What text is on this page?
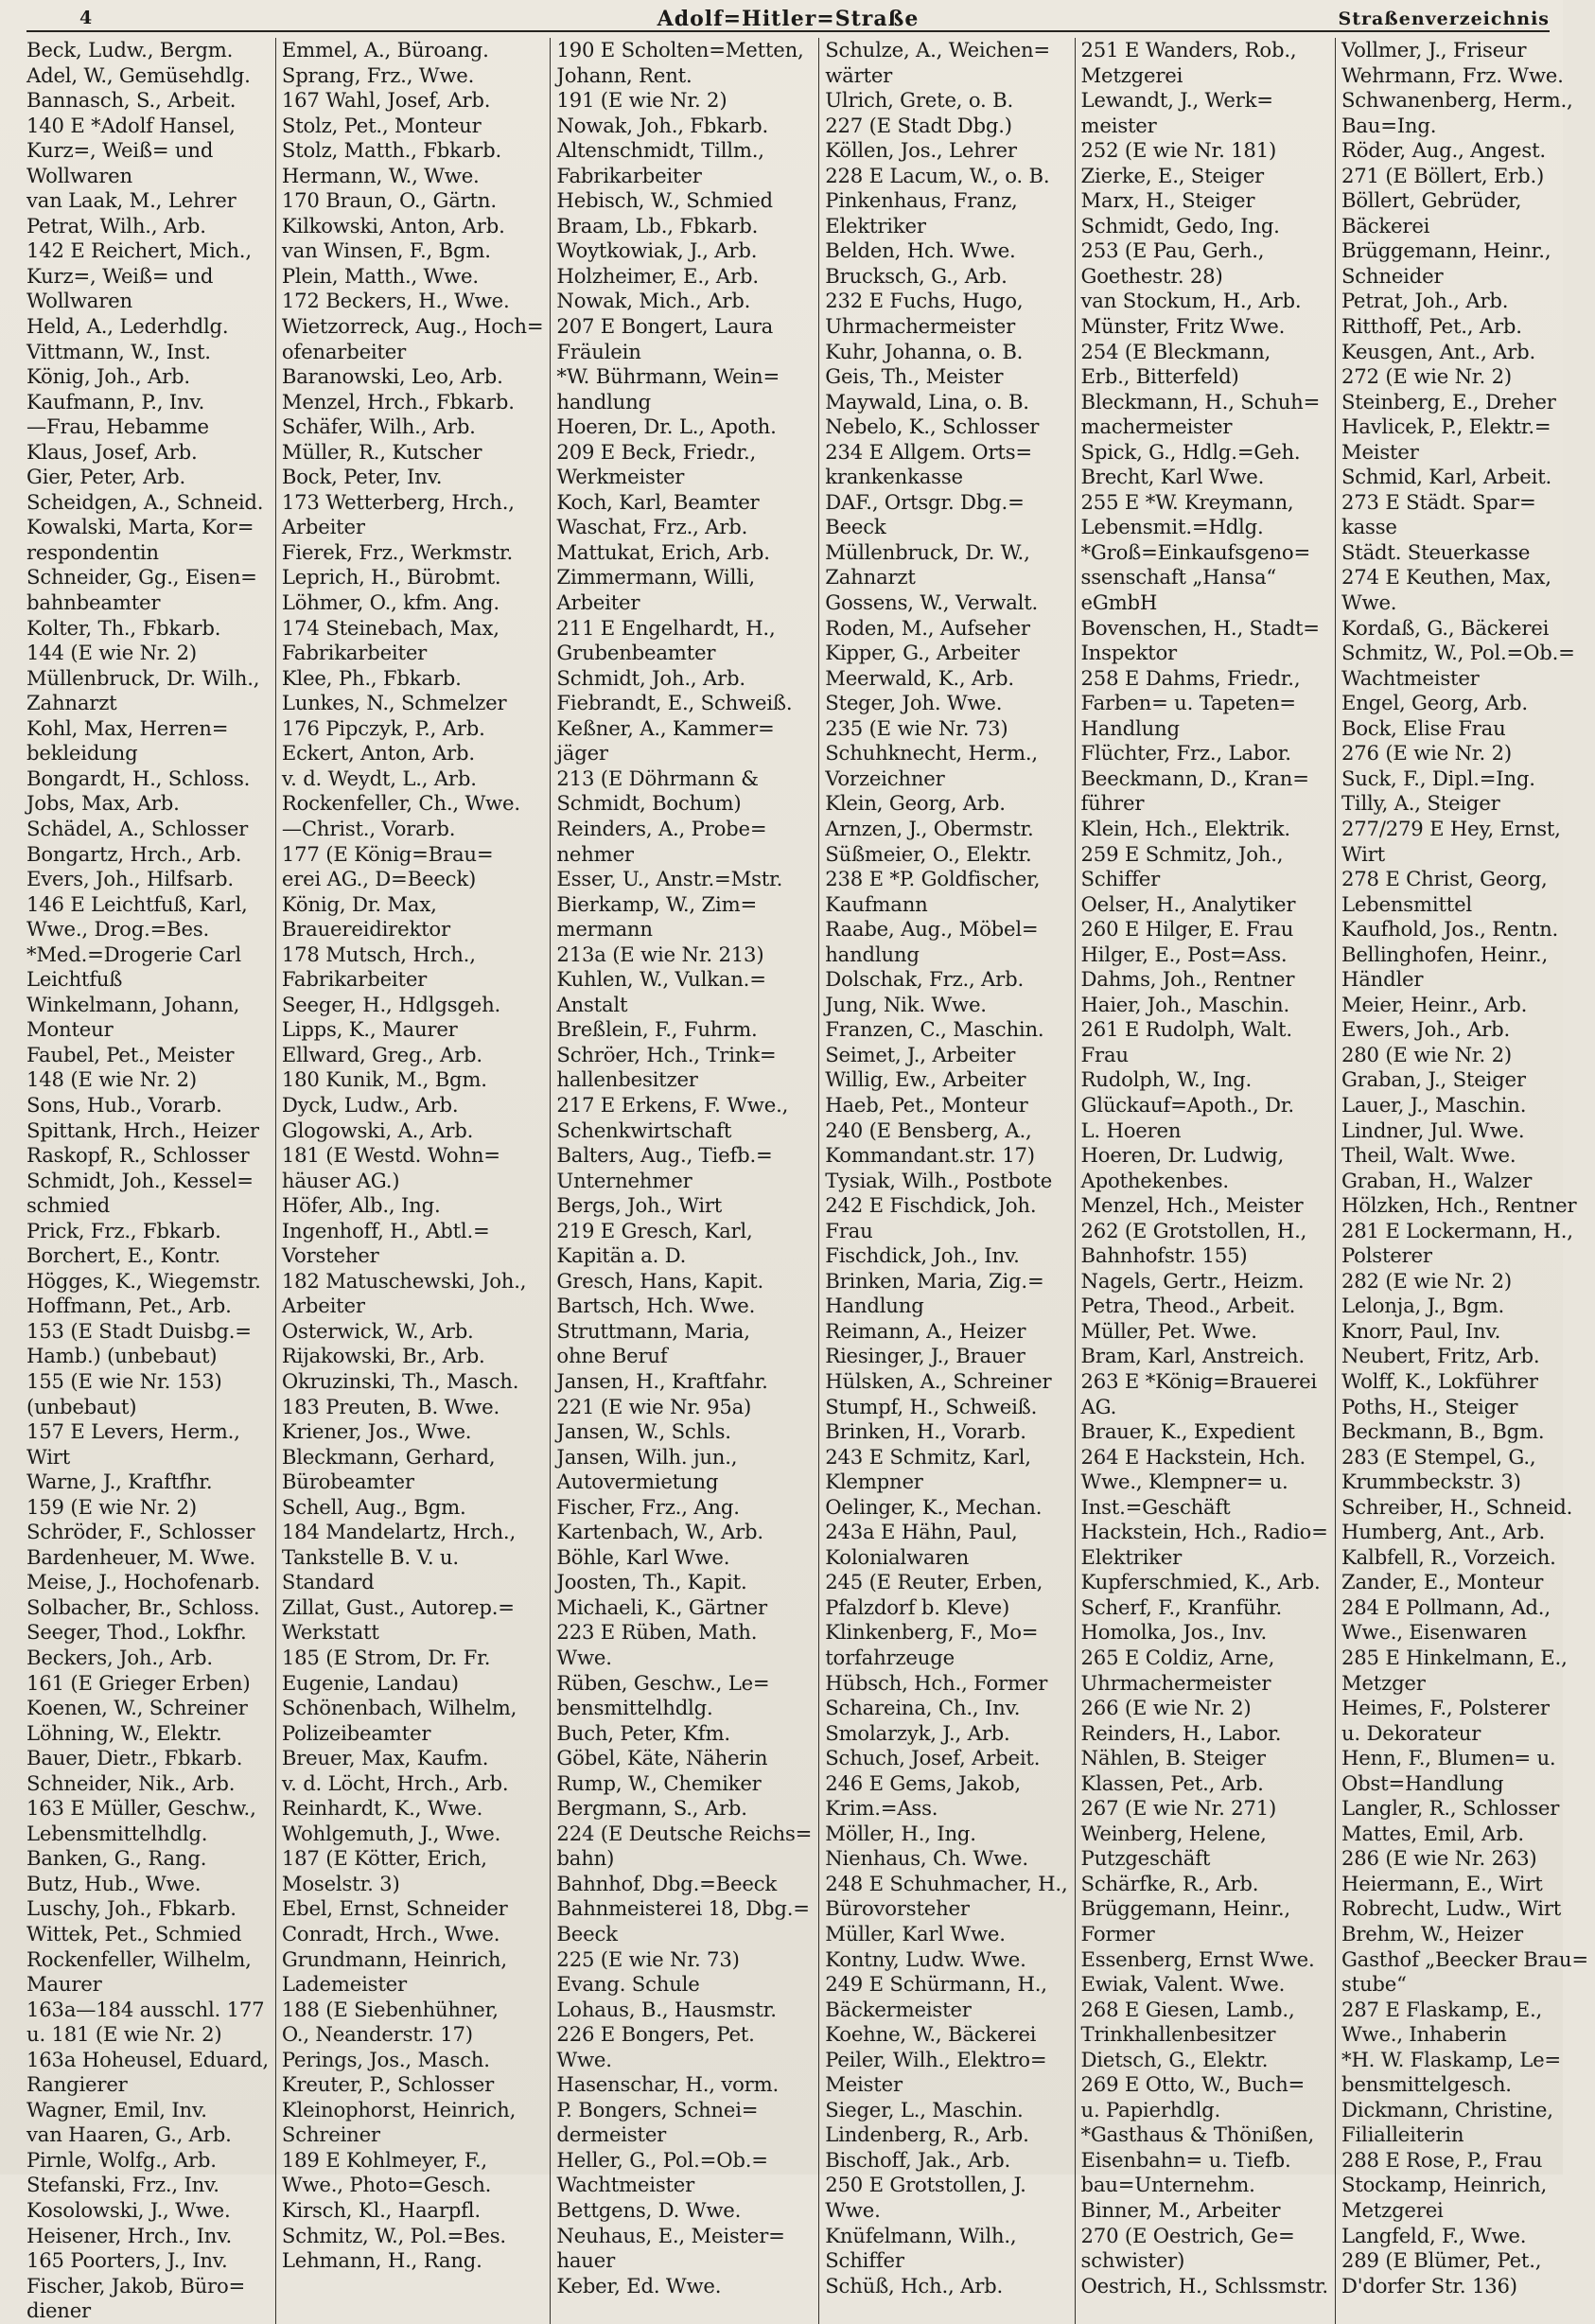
4	Adolf=Hitler=Straße	Straßenverzeichnis
Beck, Ludw., Bergm.
Adel, W., Gemüsehdlg.
Bannasch, S., Arbeit.
140 E *Adolf Hansel,
Kurz=, Weiß= und
Wollwaren
van Laak, M., Lehrer
Petrat, Wilh., Arb.
142 E Reichert, Mich.,
Kurz=, Weiß= und
Wollwaren
Held, A., Lederhdlg.
Vittmann, W., Inst.
König, Joh., Arb.
Kaufmann, P., Inv.
—Frau, Hebamme
Klaus, Josef, Arb.
Gier, Peter, Arb.
Scheidgen, A., Schneid.
Kowalski, Marta, Kor=
respondentin
Schneider, Gg., Eisen=
bahnbeamter
Kolter, Th., Fbkarb.
144 (E wie Nr. 2)
Müllenbruck, Dr. Wilh.,
Zahnarzt
Kohl, Max, Herren=
bekleidung
Bongardt, H., Schloss.
Jobs, Max, Arb.
Schädel, A., Schlosser
Bongartz, Hrch., Arb.
Evers, Joh., Hilfsarb.
146 E Leichtfuß, Karl,
Wwe., Drog.=Bes.
*Med.=Drogerie Carl
Leichtfuß
Winkelmann, Johann,
Monteur
Faubel, Pet., Meister
148 (E wie Nr. 2)
Sons, Hub., Vorarb.
Spittank, Hrch., Heizer
Raskopf, R., Schlosser
Schmidt, Joh., Kessel=
schmied
Prick, Frz., Fbkarb.
Borchert, E., Kontr.
Högges, K., Wiegemstr.
Hoffmann, Pet., Arb.
153 (E Stadt Duisbg.=
Hamb.) (unbebaut)
155 (E wie Nr. 153)
(unbebaut)
157 E Levers, Herm.,
Wirt
Warne, J., Kraftfhr.
159 (E wie Nr. 2)
Schröder, F., Schlosser
Bardenheuer, M. Wwe.
Meise, J., Hochofenarb.
Solbacher, Br., Schloss.
Seeger, Thod., Lokfhr.
Beckers, Joh., Arb.
161 (E Grieger Erben)
Koenen, W., Schreiner
Löhning, W., Elektr.
Bauer, Dietr., Fbkarb.
Schneider, Nik., Arb.
163 E Müller, Geschw.,
Lebensmittelhdlg.
Banken, G., Rang.
Butz, Hub., Wwe.
Luschy, Joh., Fbkarb.
Wittek, Pet., Schmied
Rockenfeller, Wilhelm,
Maurer
163a—184 ausschl. 177
u. 181 (E wie Nr. 2)
163a Hoheusel, Eduard,
Rangierer
Wagner, Emil, Inv.
van Haaren, G., Arb.
Pirnle, Wolfg., Arb.
Stefanski, Frz., Inv.
Kosolowski, J., Wwe.
Heisener, Hrch., Inv.
165 Poorters, J., Inv.
Fischer, Jakob, Büro=
diener
Emmel, A., Büroang.
Sprang, Frz., Wwe.
167 Wahl, Josef, Arb.
Stolz, Pet., Monteur
Stolz, Matth., Fbkarb.
Hermann, W., Wwe.
170 Braun, O., Gärtn.
Kilkowski, Anton, Arb.
van Winsen, F., Bgm.
Plein, Matth., Wwe.
172 Beckers, H., Wwe.
Wietzorreck, Aug., Hoch=
ofenarbeiter
Baranowski, Leo, Arb.
Menzel, Hrch., Fbkarb.
Schäfer, Wilh., Arb.
Müller, R., Kutscher
Bock, Peter, Inv.
173 Wetterberg, Hrch.,
Arbeiter
Fierek, Frz., Werkmstr.
Leprich, H., Bürobmt.
Löhmer, O., kfm. Ang.
174 Steinebach, Max,
Fabrikarbeiter
Klee, Ph., Fbkarb.
Lunkes, N., Schmelzer
176 Pipczyk, P., Arb.
Eckert, Anton, Arb.
v. d. Weydt, L., Arb.
Rockenfeller, Ch., Wwe.
—Christ., Vorarb.
177 (E König=Brau=
erei AG., D=Beeck)
König, Dr. Max,
Brauereidirektor
178 Mutsch, Hrch.,
Fabrikarbeiter
Seeger, H., Hdlgsgeh.
Lipps, K., Maurer
Ellward, Greg., Arb.
180 Kunik, M., Bgm.
Dyck, Ludw., Arb.
Glogowski, A., Arb.
181 (E Westd. Wohn=
häuser AG.)
Höfer, Alb., Ing.
Ingenhoff, H., Abtl.=
Vorsteher
182 Matuschewski, Joh.,
Arbeiter
Osterwick, W., Arb.
Rijakowski, Br., Arb.
Okruzinski, Th., Masch.
183 Preuten, B. Wwe.
Kriener, Jos., Wwe.
Bleckmann, Gerhard,
Bürobeamter
Schell, Aug., Bgm.
184 Mandelartz, Hrch.,
Tankstelle B. V. u.
Standard
Zillat, Gust., Autorep.=
Werkstatt
185 (E Strom, Dr. Fr.
Eugenie, Landau)
Schönenbach, Wilhelm,
Polizeibeamter
Breuer, Max, Kaufm.
v. d. Löcht, Hrch., Arb.
Reinhardt, K., Wwe.
Wohlgemuth, J., Wwe.
187 (E Kötter, Erich,
Moselstr. 3)
Ebel, Ernst, Schneider
Conradt, Hrch., Wwe.
Grundmann, Heinrich,
Lademeister
188 (E Siebenhühner,
O., Neanderstr. 17)
Perings, Jos., Masch.
Kreuter, P., Schlosser
Kleinophorst, Heinrich,
Schreiner
189 E Kohlmeyer, F.,
Wwe., Photo=Gesch.
Kirsch, Kl., Haarpfl.
Schmitz, W., Pol.=Bes.
Lehmann, H., Rang.
190 E Scholten=Metten,
Johann, Rent.
191 (E wie Nr. 2)
Nowak, Joh., Fbkarb.
Altenschmidt, Tillm.,
Fabrikarbeiter
Hebisch, W., Schmied
Braam, Lb., Fbkarb.
Woytkowiak, J., Arb.
Holzheimer, E., Arb.
Nowak, Mich., Arb.
207 E Bongert, Laura
Fräulein
*W. Bührmann, Wein=
handlung
Hoeren, Dr. L., Apoth.
209 E Beck, Friedr.,
Werkmeister
Koch, Karl, Beamter
Waschat, Frz., Arb.
Mattukat, Erich, Arb.
Zimmermann, Willi,
Arbeiter
211 E Engelhardt, H.,
Grubenbeamter
Schmidt, Joh., Arb.
Fiebrandt, E., Schweiß.
Keßner, A., Kammer=
jäger
213 (E Döhrmann &
Schmidt, Bochum)
Reinders, A., Probe=
nehmer
Esser, U., Anstr.=Mstr.
Bierkamp, W., Zim=
mermann
213a (E wie Nr. 213)
Kuhlen, W., Vulkan.=
Anstalt
Breßlein, F., Fuhrm.
Schröer, Hch., Trink=
hallenbesitzer
217 E Erkens, F. Wwe.,
Schenkwirtschaft
Balters, Aug., Tiefb.=
Unternehmer
Bergs, Joh., Wirt
219 E Gresch, Karl,
Kapitän a. D.
Gresch, Hans, Kapit.
Bartsch, Hch. Wwe.
Struttmann, Maria,
ohne Beruf
Jansen, H., Kraftfahr.
221 (E wie Nr. 95a)
Jansen, W., Schls.
Jansen, Wilh. jun.,
Autovermietung
Fischer, Frz., Ang.
Kartenbach, W., Arb.
Böhle, Karl Wwe.
Joosten, Th., Kapit.
Michaeli, K., Gärtner
223 E Rüben, Math.
Wwe.
Rüben, Geschw., Le=
bensmittelhdlg.
Buch, Peter, Kfm.
Göbel, Käte, Näherin
Rump, W., Chemiker
Bergmann, S., Arb.
224 (E Deutsche Reichs=
bahn)
Bahnhof, Dbg.=Beeck
Bahnmeisterei 18, Dbg.=
Beeck
225 (E wie Nr. 73)
Evang. Schule
Lohaus, B., Hausmstr.
226 E Bongers, Pet.
Wwe.
Hasenschar, H., vorm.
P. Bongers, Schnei=
dermeister
Heller, G., Pol.=Ob.=
Wachtmeister
Bettgens, D. Wwe.
Neuhaus, E., Meister=
hauer
Keber, Ed. Wwe.
Schulze, A., Weichen=
wärter
Ulrich, Grete, o. B.
227 (E Stadt Dbg.)
Köllen, Jos., Lehrer
228 E Lacum, W., o. B.
Pinkenhaus, Franz,
Elektriker
Belden, Hch. Wwe.
Brucksch, G., Arb.
232 E Fuchs, Hugo,
Uhrmachermeister
Kuhr, Johanna, o. B.
Geis, Th., Meister
Maywald, Lina, o. B.
Nebelo, K., Schlosser
234 E Allgem. Orts=
krankenkasse
DAF., Ortsgr. Dbg.=
Beeck
Müllenbruck, Dr. W.,
Zahnarzt
Gossens, W., Verwalt.
Roden, M., Aufseher
Kipper, G., Arbeiter
Meerwald, K., Arb.
Steger, Joh. Wwe.
235 (E wie Nr. 73)
Schuhknecht, Herm.,
Vorzeichner
Klein, Georg, Arb.
Arnzen, J., Obermstr.
Süßmeier, O., Elektr.
238 E *P. Goldfischer,
Kaufmann
Raabe, Aug., Möbel=
handlung
Dolschak, Frz., Arb.
Jung, Nik. Wwe.
Franzen, C., Maschin.
Seimet, J., Arbeiter
Willig, Ew., Arbeiter
Haeb, Pet., Monteur
240 (E Bensberg, A.,
Kommandant.str. 17)
Tysiak, Wilh., Postbote
242 E Fischdick, Joh.
Frau
Fischdick, Joh., Inv.
Brinken, Maria, Zig.=
Handlung
Reimann, A., Heizer
Riesinger, J., Brauer
Hülsken, A., Schreiner
Stumpf, H., Schweiß.
Brinken, H., Vorarb.
243 E Schmitz, Karl,
Klempner
Oelinger, K., Mechan.
243a E Hähn, Paul,
Kolonialwaren
245 (E Reuter, Erben,
Pfalzdorf b. Kleve)
Klinkenberg, F., Mo=
torfahrzeuge
Hübsch, Hch., Former
Schareina, Ch., Inv.
Smolarzyk, J., Arb.
Schuch, Josef, Arbeit.
246 E Gems, Jakob,
Krim.=Ass.
Möller, H., Ing.
Nienhaus, Ch. Wwe.
248 E Schuhmacher, H.,
Bürovorsteher
Müller, Karl Wwe.
Kontny, Ludw. Wwe.
249 E Schürmann, H.,
Bäckermeister
Koehne, W., Bäckerei
Peiler, Wilh., Elektro=
Meister
Sieger, L., Maschin.
Lindenberg, R., Arb.
Bischoff, Jak., Arb.
250 E Grotstollen, J.
Wwe.
Knüfelmann, Wilh.,
Schiffer
Schüß, Hch., Arb.
251 E Wanders, Rob.,
Metzgerei
Lewandt, J., Werk=
meister
252 (E wie Nr. 181)
Zierke, E., Steiger
Marx, H., Steiger
Schmidt, Gedo, Ing.
253 (E Pau, Gerh.,
Goethestr. 28)
van Stockum, H., Arb.
Münster, Fritz Wwe.
254 (E Bleckmann,
Erb., Bitterfeld)
Bleckmann, H., Schuh=
machermeister
Spick, G., Hdlg.=Geh.
Brecht, Karl Wwe.
255 E *W. Kreymann,
Lebensmit.=Hdlg.
*Groß=Einkaufsgeno=
ssenschaft „Hansa“
eGmbH
Bovenschen, H., Stadt=
Inspektor
258 E Dahms, Friedr.,
Farben= u. Tapeten=
Handlung
Flüchter, Frz., Labor.
Beeckmann, D., Kran=
führer
Klein, Hch., Elektrik.
259 E Schmitz, Joh.,
Schiffer
Oelser, H., Analytiker
260 E Hilger, E. Frau
Hilger, E., Post=Ass.
Dahms, Joh., Rentner
Haier, Joh., Maschin.
261 E Rudolph, Walt.
Frau
Rudolph, W., Ing.
Glückauf=Apoth., Dr.
L. Hoeren
Hoeren, Dr. Ludwig,
Apothekenbes.
Menzel, Hch., Meister
262 (E Grotstollen, H.,
Bahnhofstr. 155)
Nagels, Gertr., Heizm.
Petra, Theod., Arbeit.
Müller, Pet. Wwe.
Bram, Karl, Anstreich.
263 E *König=Brauerei
AG.
Brauer, K., Expedient
264 E Hackstein, Hch.
Wwe., Klempner= u.
Inst.=Geschäft
Hackstein, Hch., Radio=
Elektriker
Kupferschmied, K., Arb.
Scherf, F., Kranführ.
Homolka, Jos., Inv.
265 E Coldiz, Arne,
Uhrmachermeister
266 (E wie Nr. 2)
Reinders, H., Labor.
Nählen, B. Steiger
Klassen, Pet., Arb.
267 (E wie Nr. 271)
Weinberg, Helene,
Putzgeschäft
Schärfke, R., Arb.
Brüggemann, Heinr.,
Former
Essenberg, Ernst Wwe.
Ewiak, Valent. Wwe.
268 E Giesen, Lamb.,
Trinkhallenbesitzer
Dietsch, G., Elektr.
269 E Otto, W., Buch=
u. Papierhdlg.
*Gasthaus & Thönißen,
Eisenbahn= u. Tiefb.
bau=Unternehm.
Binner, M., Arbeiter
270 (E Oestrich, Ge=
schwister)
Oestrich, H., Schlssmstr.
Vollmer, J., Friseur
Wehrmann, Frz. Wwe.
Schwanenberg, Herm.,
Bau=Ing.
Röder, Aug., Angest.
271 (E Böllert, Erb.)
Böllert, Gebrüder,
Bäckerei
Brüggemann, Heinr.,
Schneider
Petrat, Joh., Arb.
Ritthoff, Pet., Arb.
Keusgen, Ant., Arb.
272 (E wie Nr. 2)
Steinberg, E., Dreher
Havlicek, P., Elektr.=
Meister
Schmid, Karl, Arbeit.
273 E Städt. Spar=
kasse
Städt. Steuerkasse
274 E Keuthen, Max,
Wwe.
Kordaß, G., Bäckerei
Schmitz, W., Pol.=Ob.=
Wachtmeister
Engel, Georg, Arb.
Bock, Elise Frau
276 (E wie Nr. 2)
Suck, F., Dipl.=Ing.
Tilly, A., Steiger
277/279 E Hey, Ernst,
Wirt
278 E Christ, Georg,
Lebensmittel
Kaufhold, Jos., Rentn.
Bellinghofen, Heinr.,
Händler
Meier, Heinr., Arb.
Ewers, Joh., Arb.
280 (E wie Nr. 2)
Graban, J., Steiger
Lauer, J., Maschin.
Lindner, Jul. Wwe.
Theil, Walt. Wwe.
Graban, H., Walzer
Hölzken, Hch., Rentner
281 E Lockermann, H.,
Polsterer
282 (E wie Nr. 2)
Lelonja, J., Bgm.
Knorr, Paul, Inv.
Neubert, Fritz, Arb.
Wolff, K., Lokführer
Poths, H., Steiger
Beckmann, B., Bgm.
283 (E Stempel, G.,
Krummbeckstr. 3)
Schreiber, H., Schneid.
Humberg, Ant., Arb.
Kalbfell, R., Vorzeich.
Zander, E., Monteur
284 E Pollmann, Ad.,
Wwe., Eisenwaren
285 E Hinkelmann, E.,
Metzger
Heimes, F., Polsterer
u. Dekorateur
Henn, F., Blumen= u.
Obst=Handlung
Langler, R., Schlosser
Mattes, Emil, Arb.
286 (E wie Nr. 263)
Heiermann, E., Wirt
Robrecht, Ludw., Wirt
Brehm, W., Heizer
Gasthof „Beecker Brau=
stube“
287 E Flaskamp, E.,
Wwe., Inhaberin
*H. W. Flaskamp, Le=
bensmittelgesch.
Dickmann, Christine,
Filialleiterin
288 E Rose, P., Frau
Stockamp, Heinrich,
Metzgerei
Langfeld, F., Wwe.
289 (E Blümer, Pet.,
D'dorfer Str. 136)
